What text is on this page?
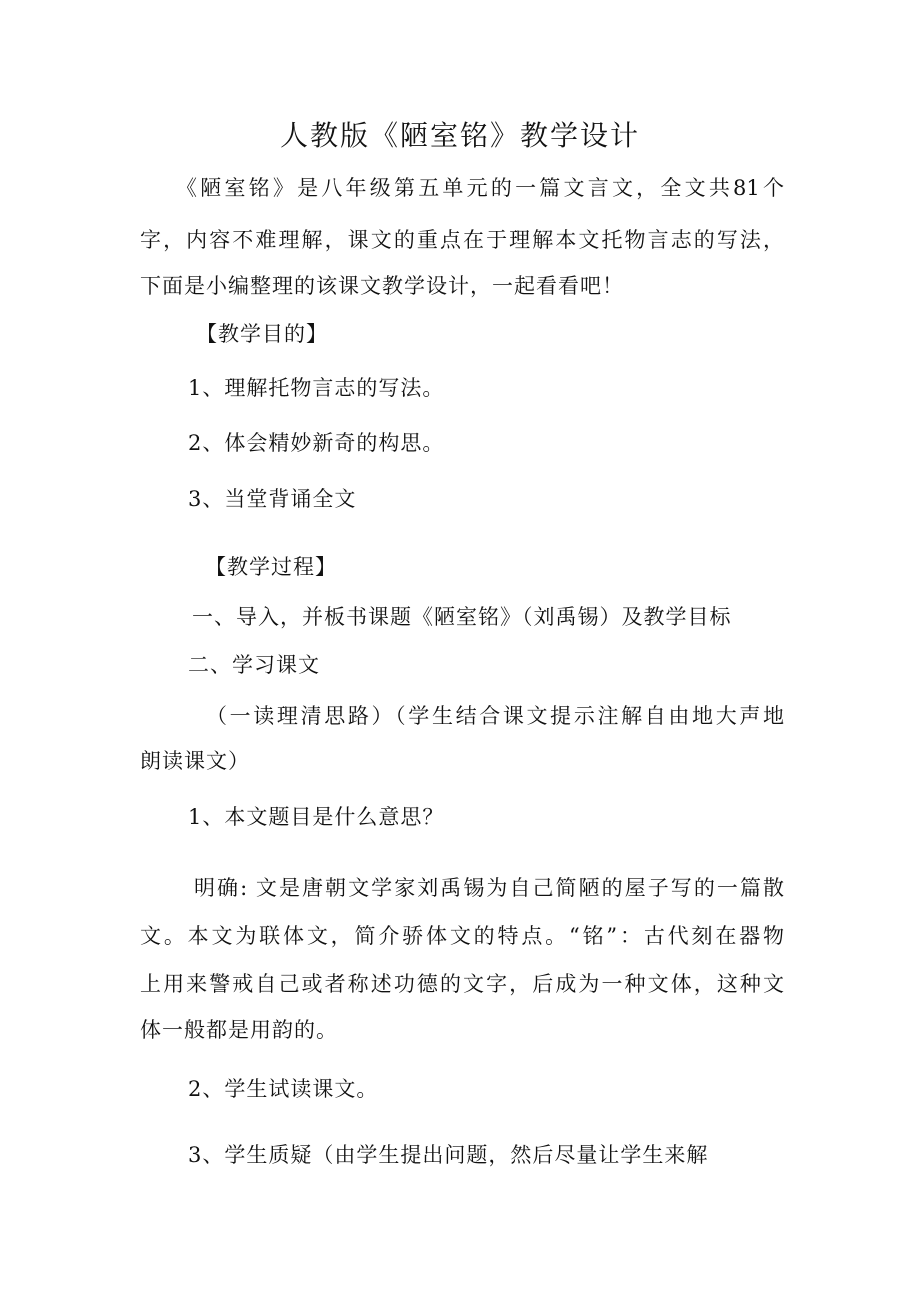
人教版《陋室铭》教学设计
《陋室铭》是八年级第五单元的一篇文言文，全文共81个
字，内容不难理解，课文的重点在于理解本文托物言志的写法，
下面是小编整理的该课文教学设计，一起看看吧！
【教学目的】
1、理解托物言志的写法。
2、体会精妙新奇的构思。
3、当堂背诵全文
【教学过程】
一、导入，并板书课题《陋室铭》（刘禹锡）及教学目标
二、学习课文
（一读理清思路）（学生结合课文提示注解自由地大声地
朗读课文）
1、本文题目是什么意思？
明确: 文是唐朝文学家刘禹锡为自己简陋的屋子写的一篇散
文。本文为联体文，简介骄体文的特点。“铭”：古代刻在器物
上用来警戒自己或者称述功德的文字，后成为一种文体，这种文
体一般都是用韵的。
2、学生试读课文。
3、学生质疑（由学生提出问题，然后尽量让学生来解
